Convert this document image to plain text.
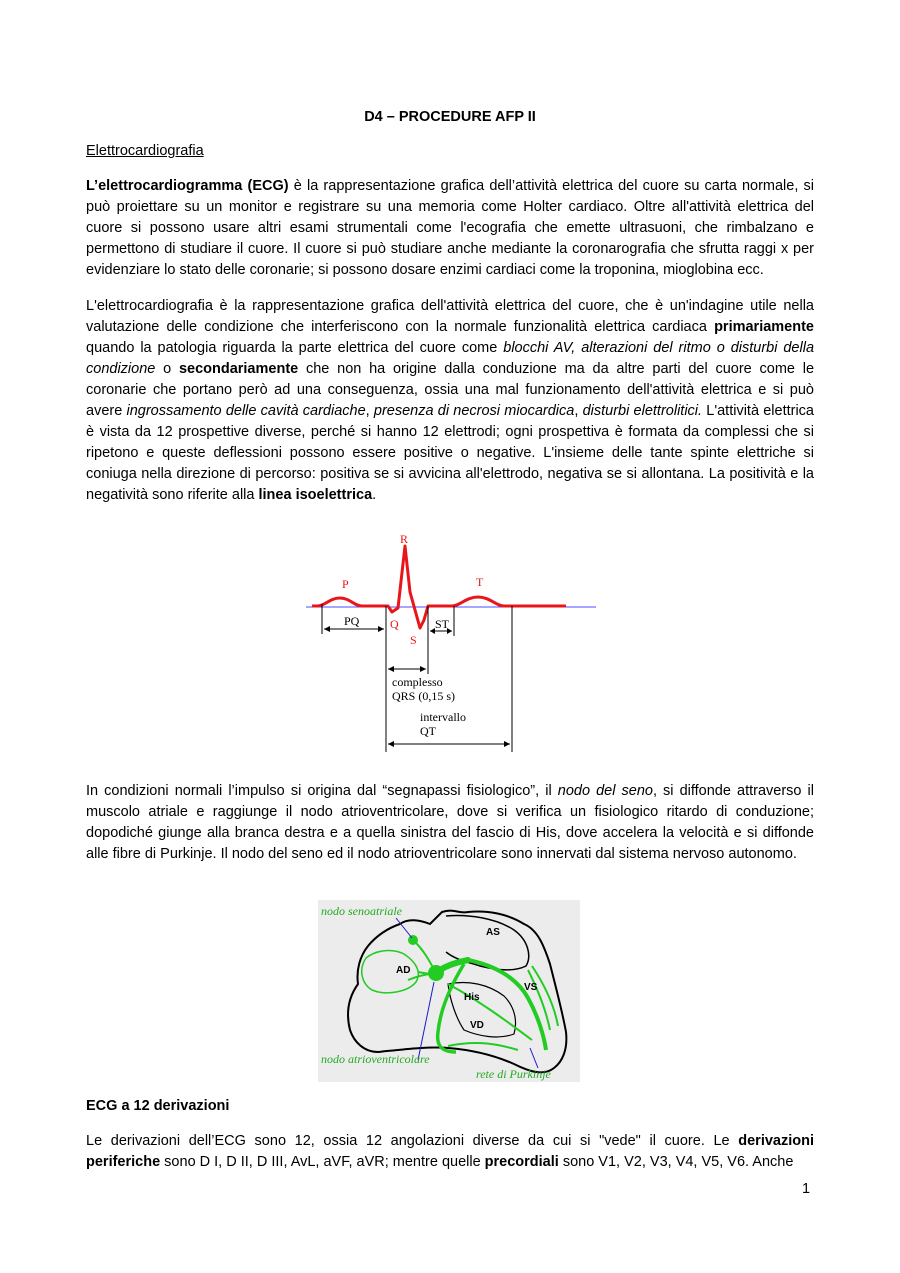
D4 – PROCEDURE AFP II
Elettrocardiografia
L’elettrocardiogramma (ECG) è la rappresentazione grafica dell’attività elettrica del cuore su carta normale, si può proiettare su un monitor e registrare su una memoria come Holter cardiaco. Oltre all'attività elettrica del cuore si possono usare altri esami strumentali come l'ecografia che emette ultrasuoni, che rimbalzano e permettono di studiare il cuore. Il cuore si può studiare anche mediante la coronarografia che sfrutta raggi x per evidenziare lo stato delle coronarie; si possono dosare enzimi cardiaci come la troponina, mioglobina ecc.
L'elettrocardiografia è la rappresentazione grafica dell'attività elettrica del cuore, che è un'indagine utile nella valutazione delle condizione che interferiscono con la normale funzionalità elettrica cardiaca primariamente quando la patologia riguarda la parte elettrica del cuore come blocchi AV, alterazioni del ritmo o disturbi della condizione o secondariamente che non ha origine dalla conduzione ma da altre parti del cuore come le coronarie che portano però ad una conseguenza, ossia una mal funzionamento dell'attività elettrica e si può avere ingrossamento delle cavità cardiache, presenza di necrosi miocardica, disturbi elettrolitici. L'attività elettrica è vista da 12 prospettive diverse, perché si hanno 12 elettrodi; ogni prospettiva è formata da complessi che si ripetono e queste deflessioni possono essere positive o negative. L'insieme delle tante spinte elettriche si coniuga nella direzione di percorso: positiva se si avvicina all'elettrodo, negativa se si allontana. La positività e la negatività sono riferite alla linea isoelettrica.
R
P	T
Q
S
PQ	ST
complesso
QRS (0,15 s)
intervallo
QT
In condizioni normali l’impulso si origina dal “segnapassi fisiologico”, il nodo del seno, si diffonde attraverso il muscolo atriale e raggiunge il nodo atrioventricolare, dove si verifica un fisiologico ritardo di conduzione; dopodiché giunge alla branca destra e a quella sinistra del fascio di His, dove accelera la velocità e si diffonde alle fibre di Purkinje. Il nodo del seno ed il nodo atrioventricolare sono innervati dal sistema nervoso autonomo.
nodo senoatriale
nodo atrioventricolare
rete di Purkinje
AS
AD
His
VS
VD
ECG a 12 derivazioni
Le derivazioni dell’ECG sono 12, ossia 12 angolazioni diverse da cui si "vede" il cuore. Le derivazioni periferiche sono D I, D II, D III, AvL, aVF, aVR; mentre quelle precordiali sono V1, V2, V3, V4, V5, V6. Anche
1
